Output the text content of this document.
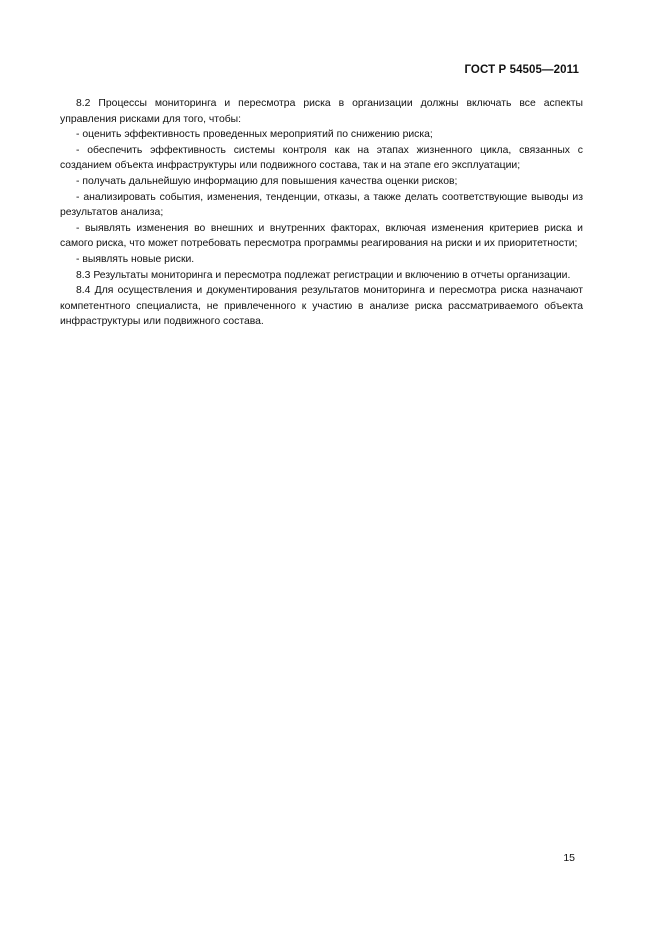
ГОСТ Р 54505—2011

8.2 Процессы мониторинга и пересмотра риска в организации должны включать все аспекты управления рисками для того, чтобы:

- оценить эффективность проведенных мероприятий по снижению риска;

- обеспечить эффективность системы контроля как на этапах жизненного цикла, связанных с созданием объекта инфраструктуры или подвижного состава, так и на этапе его эксплуатации;

- получать дальнейшую информацию для повышения качества оценки рисков;

- анализировать события, изменения, тенденции, отказы, а также делать соответствующие выводы из результатов анализа;

- выявлять изменения во внешних и внутренних факторах, включая изменения критериев риска и самого риска, что может потребовать пересмотра программы реагирования на риски и их приоритетности;

- выявлять новые риски.

8.3 Результаты мониторинга и пересмотра подлежат регистрации и включению в отчеты организации.

8.4 Для осуществления и документирования результатов мониторинга и пересмотра риска назначают компетентного специалиста, не привлеченного к участию в анализе риска рассматриваемого объекта инфраструктуры или подвижного состава.

15
